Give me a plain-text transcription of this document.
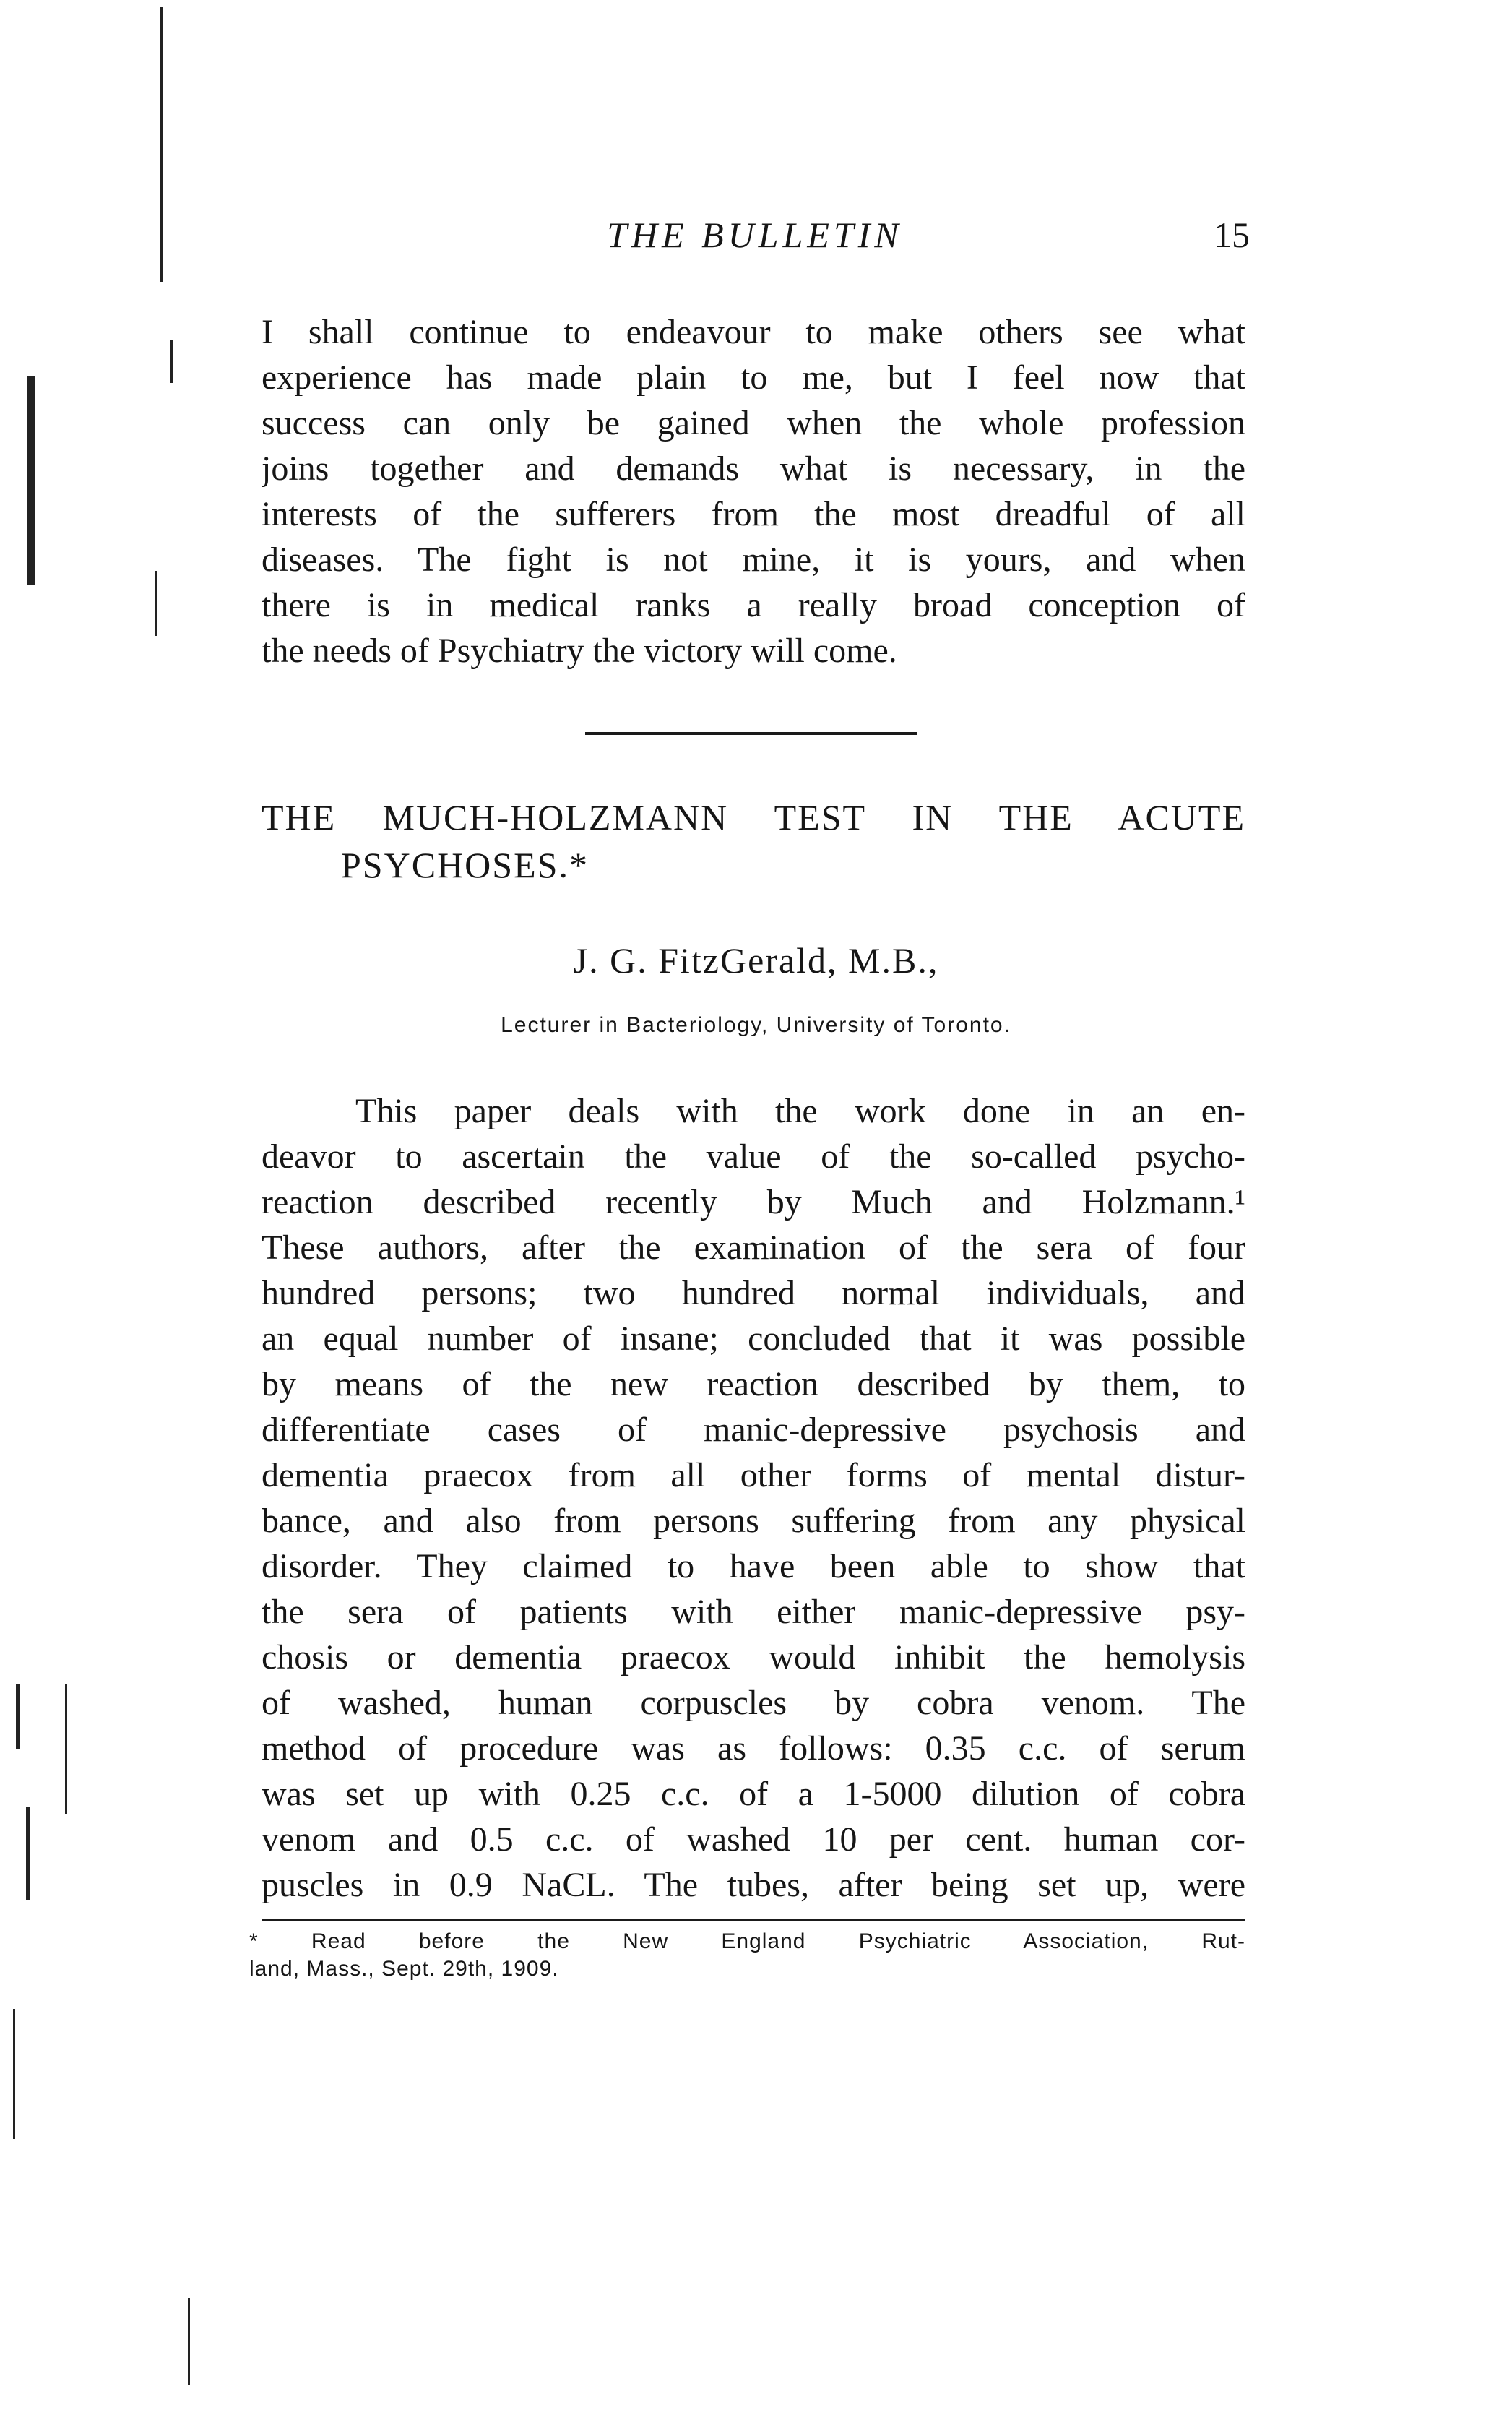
THE BULLETIN	15
I shall continue to endeavour to make others see what
experience has made plain to me, but I feel now that
success can only be gained when the whole profession
joins together and demands what is necessary, in the
interests of the sufferers from the most dreadful of all
diseases. The fight is not mine, it is yours, and when
there is in medical ranks a really broad conception of
the needs of Psychiatry the victory will come.
THE MUCH-HOLZMANN TEST IN THE ACUTE
PSYCHOSES.*
J. G. FitzGerald, M.B.,
Lecturer in Bacteriology, University of Toronto.
This paper deals with the work done in an en-
deavor to ascertain the value of the so-called psycho-
reaction described recently by Much and Holzmann.¹
These authors, after the examination of the sera of four
hundred persons; two hundred normal individuals, and
an equal number of insane; concluded that it was possible
by means of the new reaction described by them, to
differentiate cases of manic-depressive psychosis and
dementia praecox from all other forms of mental distur-
bance, and also from persons suffering from any physical
disorder. They claimed to have been able to show that
the sera of patients with either manic-depressive psy-
chosis or dementia praecox would inhibit the hemolysis
of washed, human corpuscles by cobra venom. The
method of procedure was as follows: 0.35 c.c. of serum
was set up with 0.25 c.c. of a 1-5000 dilution of cobra
venom and 0.5 c.c. of washed 10 per cent. human cor-
puscles in 0.9 NaCL. The tubes, after being set up, were
* Read before the New England Psychiatric Association, Rut-
land, Mass., Sept. 29th, 1909.
